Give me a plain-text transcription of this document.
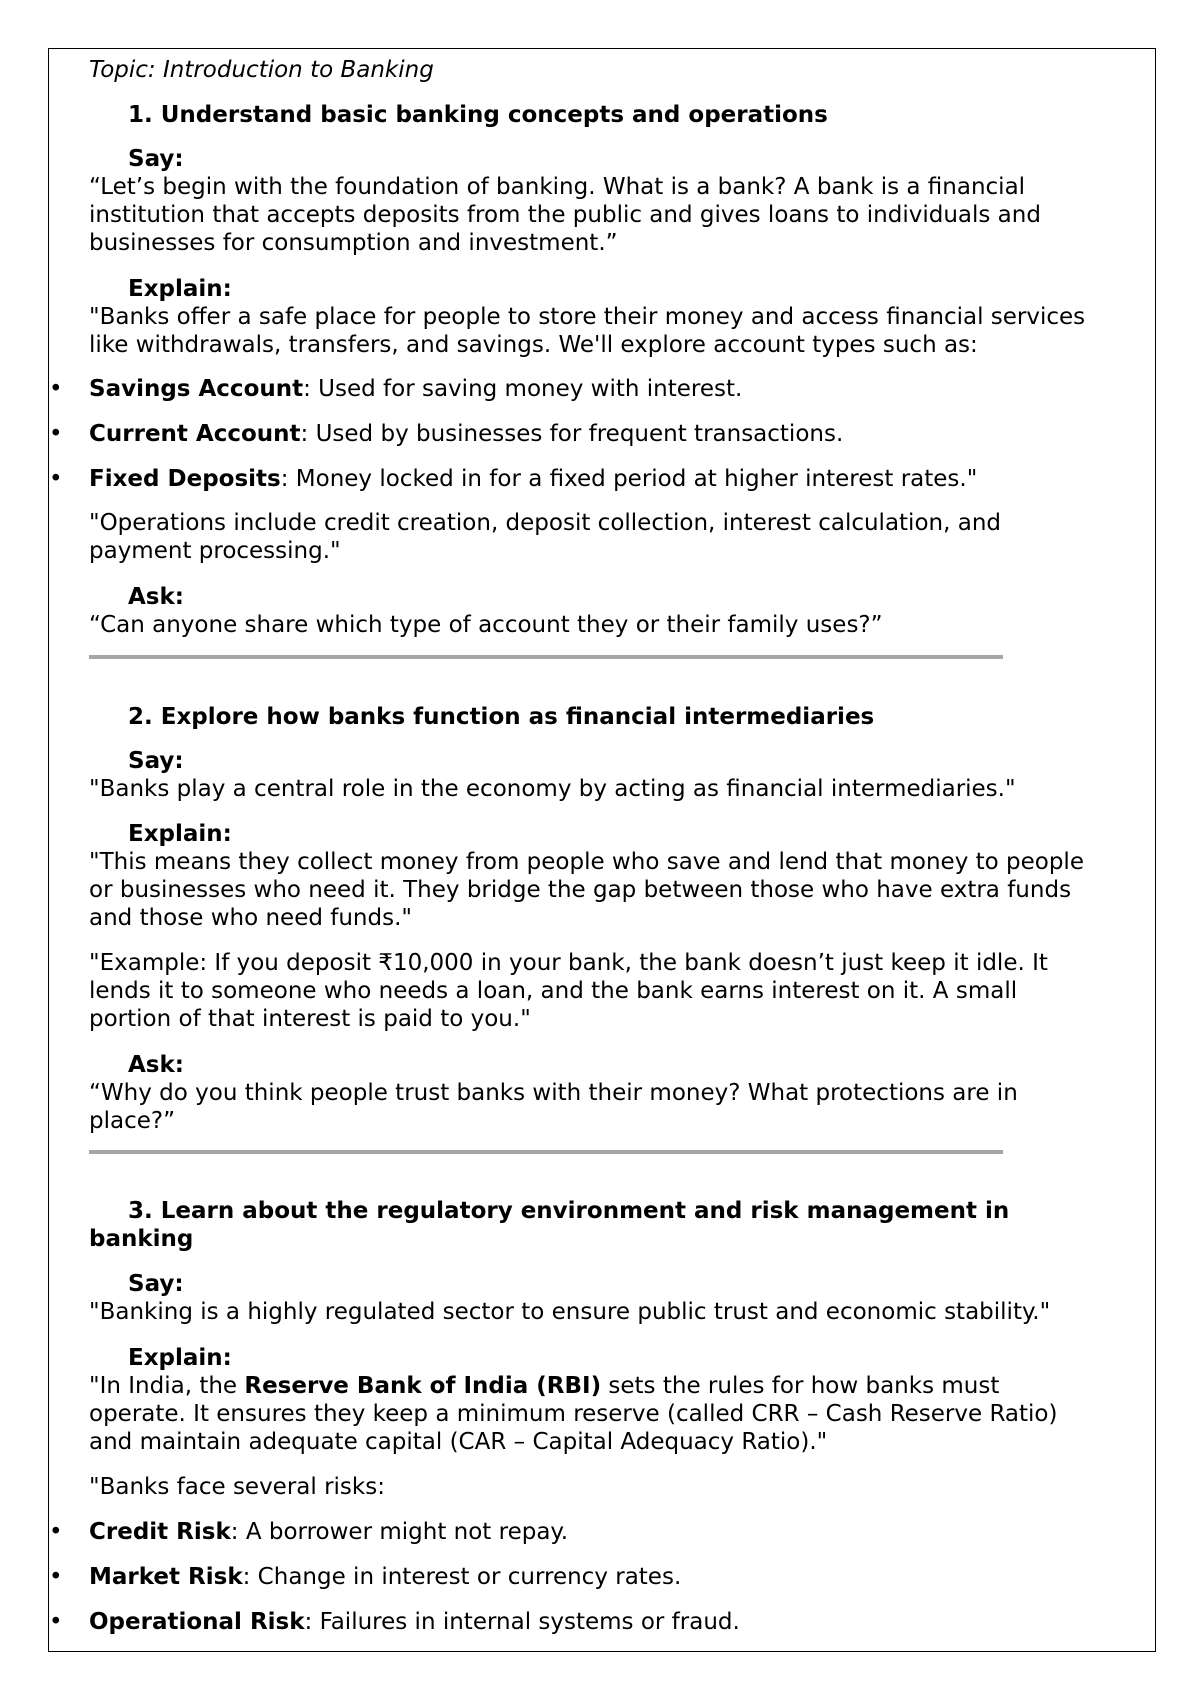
Topic: Introduction to Banking
1. Understand basic banking concepts and operations
Say:
“Let’s begin with the foundation of banking. What is a bank? A bank is a financial
institution that accepts deposits from the public and gives loans to individuals and
businesses for consumption and investment.”
Explain:
"Banks offer a safe place for people to store their money and access financial services
like withdrawals, transfers, and savings. We'll explore account types such as:
• Savings Account: Used for saving money with interest.
• Current Account: Used by businesses for frequent transactions.
• Fixed Deposits: Money locked in for a fixed period at higher interest rates."
"Operations include credit creation, deposit collection, interest calculation, and
payment processing."
Ask:
“Can anyone share which type of account they or their family uses?”
2. Explore how banks function as financial intermediaries
Say:
"Banks play a central role in the economy by acting as financial intermediaries."
Explain:
"This means they collect money from people who save and lend that money to people
or businesses who need it. They bridge the gap between those who have extra funds
and those who need funds."
"Example: If you deposit ₹10,000 in your bank, the bank doesn’t just keep it idle. It
lends it to someone who needs a loan, and the bank earns interest on it. A small
portion of that interest is paid to you."
Ask:
“Why do you think people trust banks with their money? What protections are in
place?”
3. Learn about the regulatory environment and risk management in
banking
Say:
"Banking is a highly regulated sector to ensure public trust and economic stability."
Explain:
"In India, the Reserve Bank of India (RBI) sets the rules for how banks must
operate. It ensures they keep a minimum reserve (called CRR – Cash Reserve Ratio)
and maintain adequate capital (CAR – Capital Adequacy Ratio)."
"Banks face several risks:
• Credit Risk: A borrower might not repay.
• Market Risk: Change in interest or currency rates.
• Operational Risk: Failures in internal systems or fraud.
